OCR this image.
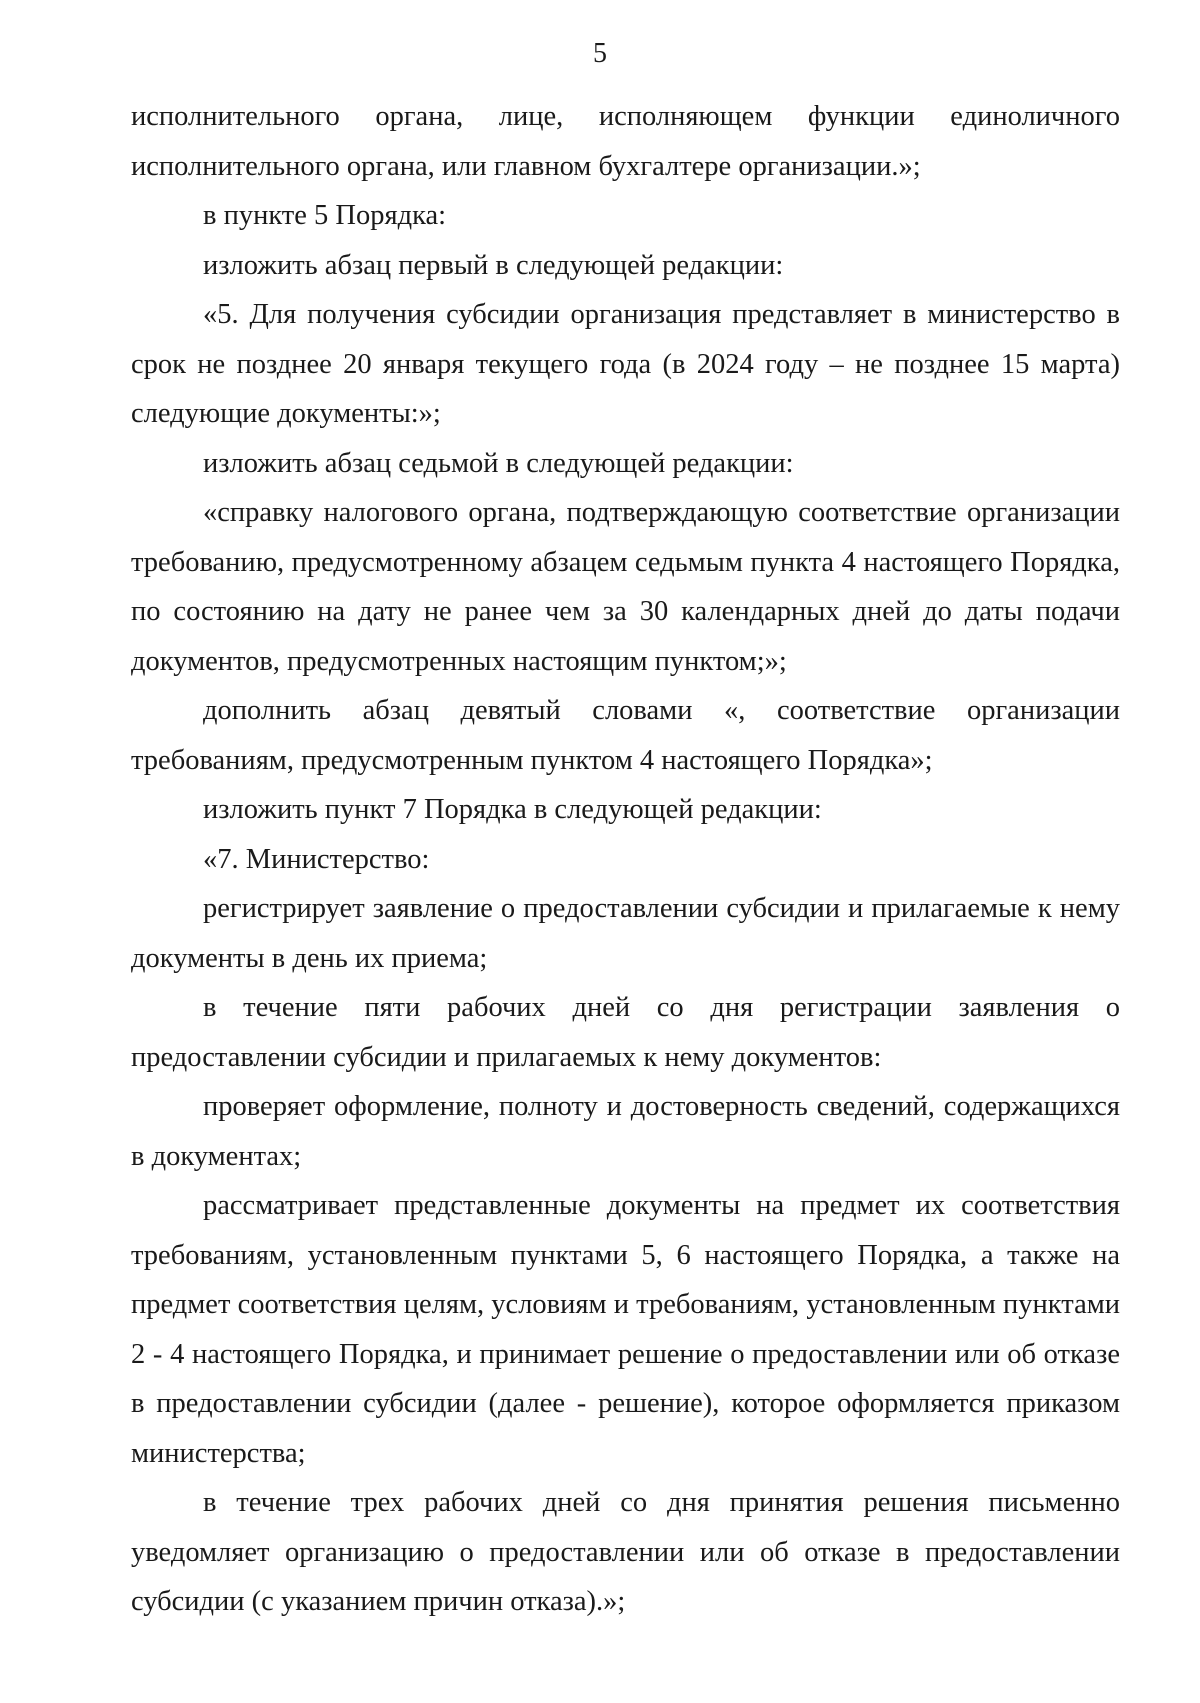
5

исполнительного органа, лице, исполняющем функции единоличного исполнительного органа, или главном бухгалтере организации.»;

в пункте 5 Порядка:

изложить абзац первый в следующей редакции:

«5. Для получения субсидии организация представляет в министерство в срок не позднее 20 января текущего года (в 2024 году – не позднее 15 марта) следующие документы:»;

изложить абзац седьмой в следующей редакции:

«справку налогового органа, подтверждающую соответствие организации требованию, предусмотренному абзацем седьмым пункта 4 настоящего Порядка, по состоянию на дату не ранее чем за 30 календарных дней до даты подачи документов, предусмотренных настоящим пунктом;»;

дополнить абзац девятый словами «, соответствие организации требованиям, предусмотренным пунктом 4 настоящего Порядка»;

изложить пункт 7 Порядка в следующей редакции:

«7. Министерство:

регистрирует заявление о предоставлении субсидии и прилагаемые к нему документы в день их приема;

в течение пяти рабочих дней со дня регистрации заявления о предоставлении субсидии и прилагаемых к нему документов:

проверяет оформление, полноту и достоверность сведений, содержащихся в документах;

рассматривает представленные документы на предмет их соответствия требованиям, установленным пунктами 5, 6 настоящего Порядка, а также на предмет соответствия целям, условиям и требованиям, установленным пунктами 2 - 4 настоящего Порядка, и принимает решение о предоставлении или об отказе в предоставлении субсидии (далее - решение), которое оформляется приказом министерства;

в течение трех рабочих дней со дня принятия решения письменно уведомляет организацию о предоставлении или об отказе в предоставлении субсидии (с указанием причин отказа).»;
